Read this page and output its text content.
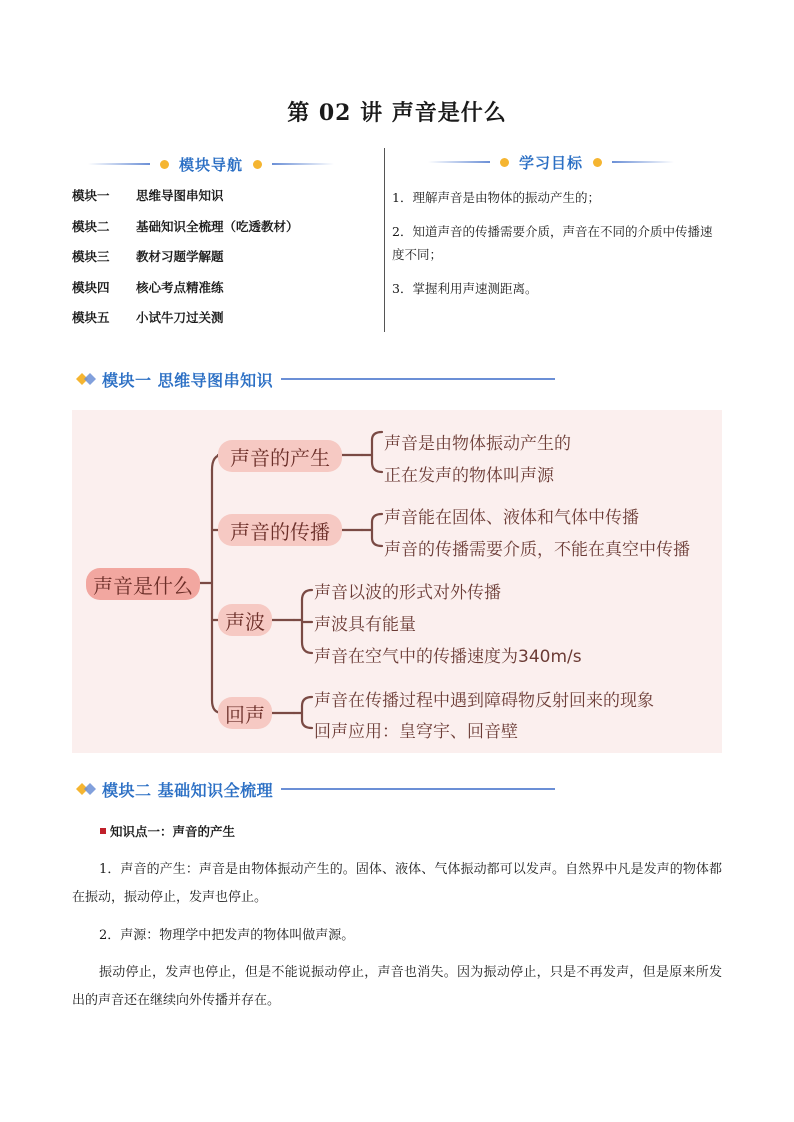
第 02 讲 声音是什么
模块导航	学习目标
模块一	思维导图串知识
模块二	基础知识全梳理（吃透教材）
模块三	教材习题学解题
模块四	核心考点精准练
模块五	小试牛刀过关测

1．理解声音是由物体的振动产生的；

2．知道声音的传播需要介质，声音在不同的介质中传播速度不同；

3．掌握利用声速测距离。

模块一 思维导图串知识
声音是什么
声音的产生
声音的传播
声波
回声
声音是由物体振动产生的
正在发声的物体叫声源
声音能在固体、液体和气体中传播
声音的传播需要介质，不能在真空中传播
声音以波的形式对外传播
声波具有能量
声音在空气中的传播速度为340m/s
声音在传播过程中遇到障碍物反射回来的现象
回声应用：皇穹宇、回音壁
模块二 基础知识全梳理
知识点一：声音的产生
1．声音的产生：声音是由物体振动产生的。固体、液体、气体振动都可以发声。自然界中凡是发声的物体都在振动，振动停止，发声也停止。
2．声源：物理学中把发声的物体叫做声源。
振动停止，发声也停止，但是不能说振动停止，声音也消失。因为振动停止，只是不再发声，但是原来所发出的声音还在继续向外传播并存在。
